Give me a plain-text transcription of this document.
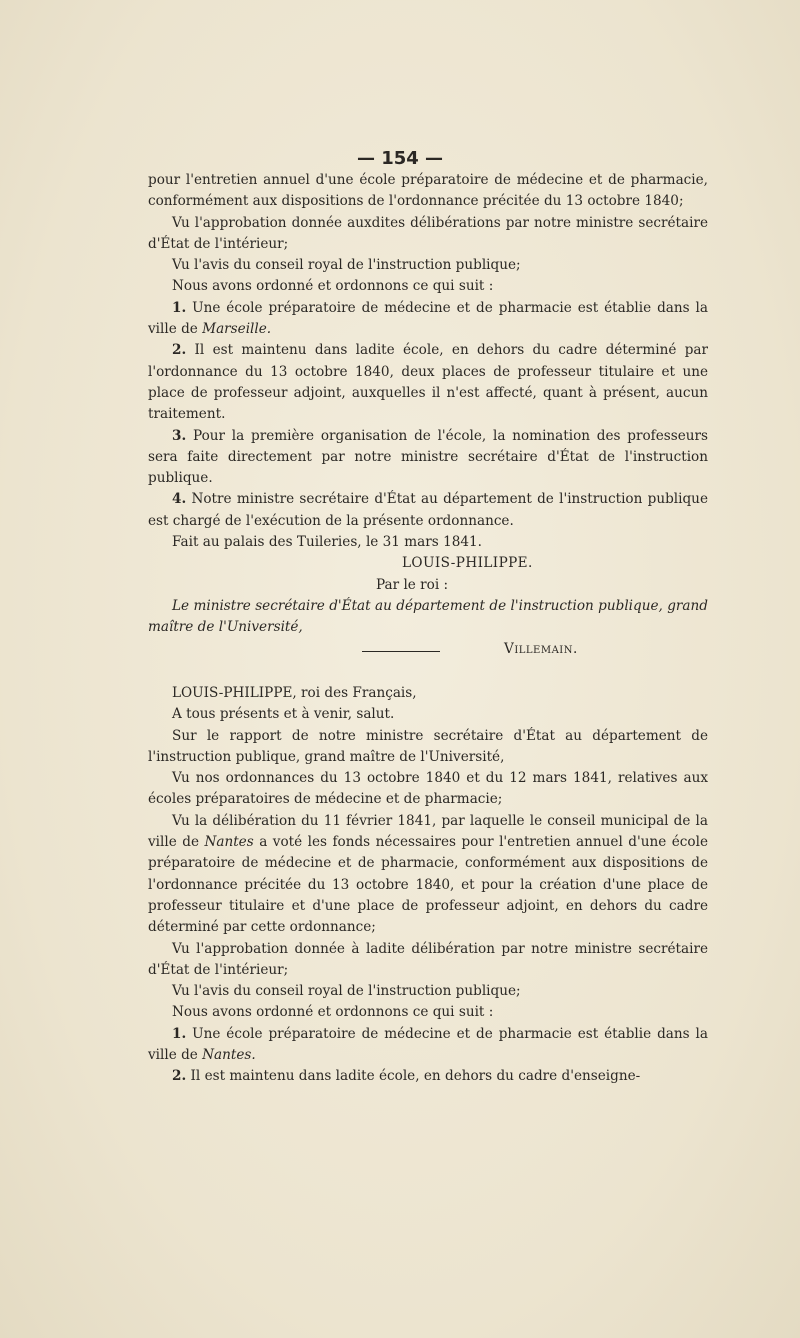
— 154 —

pour l'entretien annuel d'une école préparatoire de médecine et de pharmacie, conformément aux dispositions de l'ordonnance précitée du 13 octobre 1840;

Vu l'approbation donnée auxdites délibérations par notre ministre secrétaire d'État de l'intérieur;

Vu l'avis du conseil royal de l'instruction publique;

Nous avons ordonné et ordonnons ce qui suit :

1. Une école préparatoire de médecine et de pharmacie est établie dans la ville de Marseille.

2. Il est maintenu dans ladite école, en dehors du cadre déterminé par l'ordonnance du 13 octobre 1840, deux places de professeur titulaire et une place de professeur adjoint, auxquelles il n'est affecté, quant à présent, aucun traitement.

3. Pour la première organisation de l'école, la nomination des professeurs sera faite directement par notre ministre secrétaire d'État de l'instruction publique.

4. Notre ministre secrétaire d'État au département de l'instruction publique est chargé de l'exécution de la présente ordonnance.

Fait au palais des Tuileries, le 31 mars 1841.

LOUIS-PHILIPPE.

Par le roi :

Le ministre secrétaire d'État au département de l'instruction publique, grand maître de l'Université,

Villemain.

LOUIS-PHILIPPE, roi des Français,

A tous présents et à venir, salut.

Sur le rapport de notre ministre secrétaire d'État au département de l'instruction publique, grand maître de l'Université,

Vu nos ordonnances du 13 octobre 1840 et du 12 mars 1841, relatives aux écoles préparatoires de médecine et de pharmacie;

Vu la délibération du 11 février 1841, par laquelle le conseil municipal de la ville de Nantes a voté les fonds nécessaires pour l'entretien annuel d'une école préparatoire de médecine et de pharmacie, conformément aux dispositions de l'ordonnance précitée du 13 octobre 1840, et pour la création d'une place de professeur titulaire et d'une place de professeur adjoint, en dehors du cadre déterminé par cette ordonnance;

Vu l'approbation donnée à ladite délibération par notre ministre secrétaire d'État de l'intérieur;

Vu l'avis du conseil royal de l'instruction publique;

Nous avons ordonné et ordonnons ce qui suit :

1. Une école préparatoire de médecine et de pharmacie est établie dans la ville de Nantes.

2. Il est maintenu dans ladite école, en dehors du cadre d'enseigne-
